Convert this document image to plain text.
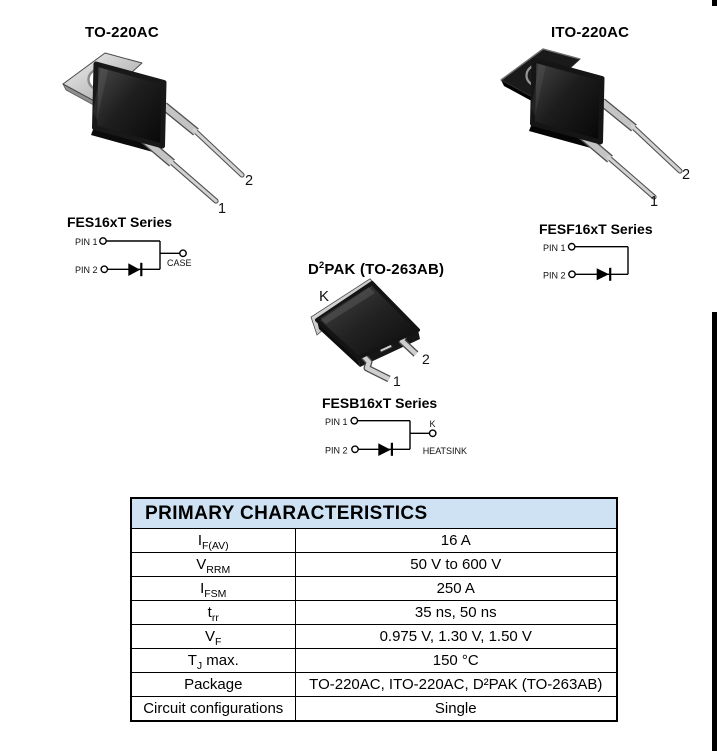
TO-220AC
2
1
FES16xT Series
PIN 1
PIN 2
CASE
ITO-220AC
2
1
FESF16xT Series
PIN 1
PIN 2
$D^2PAK$ (TO-263AB)
K
2
1
FESB16xT Series
PIN 1
PIN 2
K
HEATSINK
PRIMARY CHARACTERISTICS	
$I_{F(AV)}$	16 A
$V_{RRM}$	50 V to 600 V
$I_{FSM}$	250 A
$t_{rr}$	35 ns, 50 ns
$V_F$	0.975 V, 1.30 V, 1.50 V
$T_J$ max.	150 °C
Package	TO-220AC, ITO-220AC, D²PAK (TO-263AB)
Circuit configurations	Single
